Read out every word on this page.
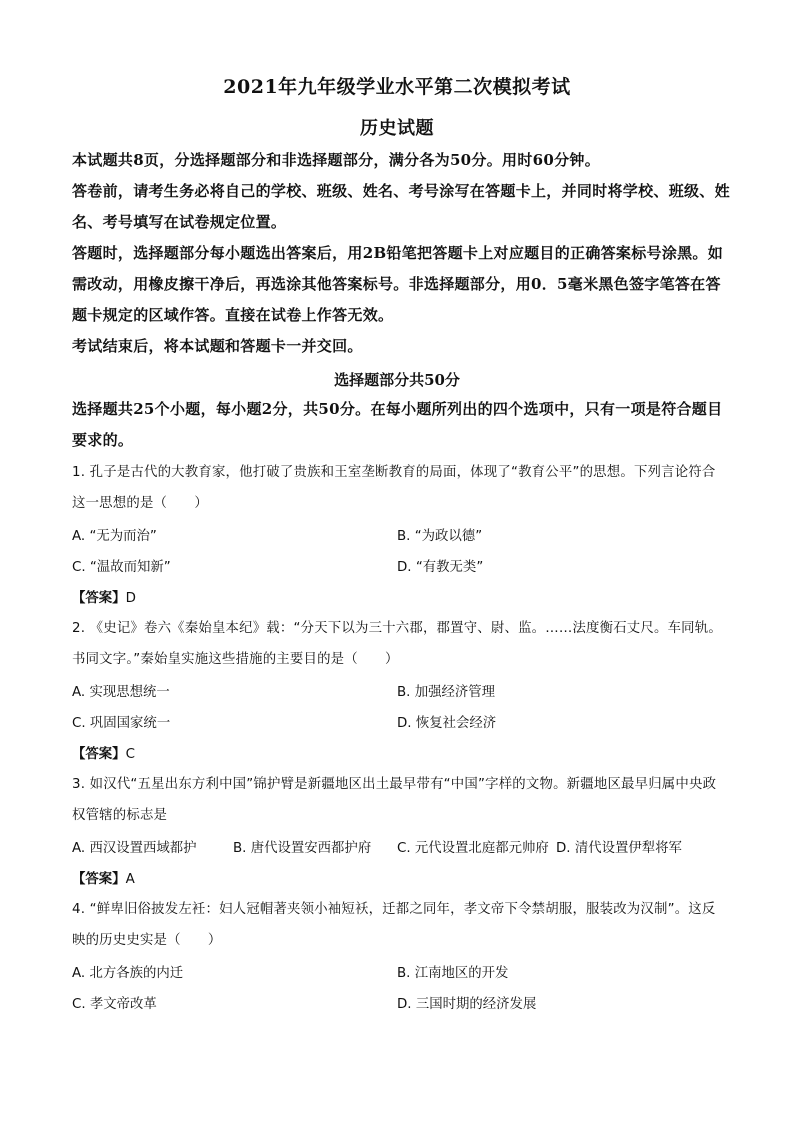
2021年九年级学业水平第二次模拟考试
历史试题
本试题共8页，分选择题部分和非选择题部分，满分各为50分。用时60分钟。
答卷前，请考生务必将自己的学校、班级、姓名、考号涂写在答题卡上，并同时将学校、班级、姓名、考号填写在试卷规定位置。
答题时，选择题部分每小题选出答案后，用2B铅笔把答题卡上对应题目的正确答案标号涂黑。如需改动，用橡皮擦干净后，再选涂其他答案标号。非选择题部分，用0．5毫米黑色签字笔答在答题卡规定的区域作答。直接在试卷上作答无效。
考试结束后，将本试题和答题卡一并交回。
选择题部分共50分
选择题共25个小题，每小题2分，共50分。在每小题所列出的四个选项中，只有一项是符合题目要求的。
1. 孔子是古代的大教育家，他打破了贵族和王室垄断教育的局面，体现了“教育公平”的思想。下列言论符合这一思想的是（　　）
A. “无为而治”	B. “为政以德”
C. “温故而知新”	D. “有教无类”
【答案】D
2. 《史记》卷六《秦始皇本纪》载：“分天下以为三十六郡，郡置守、尉、监。……法度衡石丈尺。车同轨。书同文字。”秦始皇实施这些措施的主要目的是（　　）
A. 实现思想统一	B. 加强经济管理
C. 巩固国家统一	D. 恢复社会经济
【答案】C
3. 如汉代“五星出东方利中国”锦护臂是新疆地区出土最早带有“中国”字样的文物。新疆地区最早归属中央政权管辖的标志是
A. 西汉设置西域都护	B. 唐代设置安西都护府 C. 元代设置北庭都元帅府 D. 清代设置伊犁将军
【答案】A
4. “鲜卑旧俗披发左衽：妇人冠帽著夹领小袖短袄，迁都之同年，孝文帝下令禁胡服，服装改为汉制”。这反映的历史史实是（　　）
A. 北方各族的内迁	B. 江南地区的开发
C. 孝文帝改革	D. 三国时期的经济发展
